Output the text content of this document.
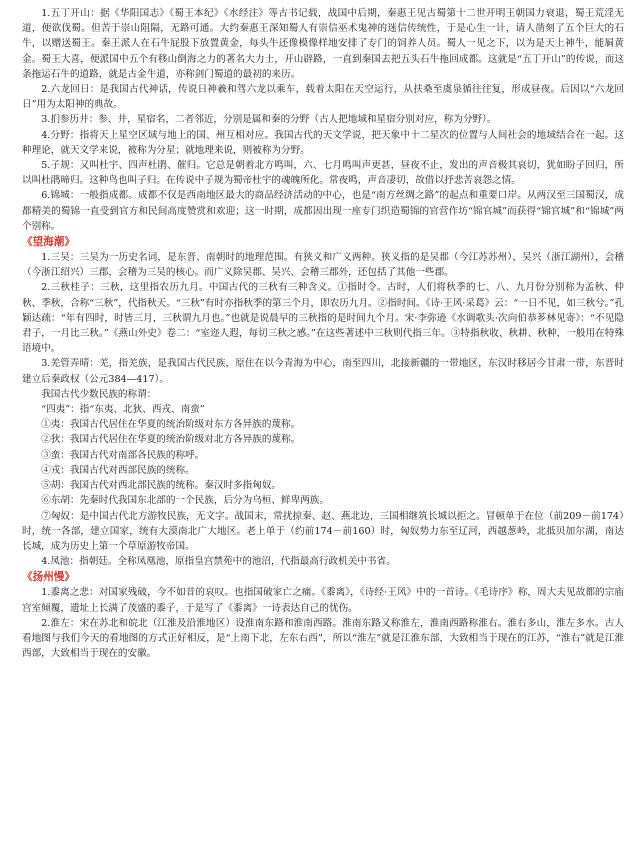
1.五丁开山：据《华阳国志》《蜀王本纪》《水经注》等古书记载，战国中后期，秦惠王见古蜀第十二世开明王朝国力衰退，蜀王荒淫无道，便欲伐蜀。但苦于崇山阻隔，无路可通。大约秦惠王深知蜀人有崇信巫术鬼神的迷信传统性，于是心生一计，请人凿刻了五个巨大的石牛，以赠送蜀王。秦王派人在石牛屁股下放置黄金，每头牛还像模像样地安排了专门的饲养人员。蜀人一见之下，以为是天上神牛，能屙黄金。蜀王大喜，便派国中五个有移山倒海之力的著名大力士，开山辟路，一直到秦国去把五头石牛拖回成都。这就是“五丁开山”的传说，而这条拖运石牛的道路，就是古金牛道，亦称剑门蜀道的最初的来历。

2.六龙回日：是我国古代神话，传说日神羲和驾六龙以乘车，载着太阳在天空运行，从扶桑至虞泉循往往复，形成昼夜。后因以“六龙回日”用为太阳神的典故。

3.扪参历井：参、井，星宿名，二者邻近，分别是属和秦的分野（古人把地域和星宿分别对应，称为分野）。

4.分野：指将天上星空区域与地上的国、州互相对应。我国古代的天文学说，把天象中十二星次的位置与人间社会的地域结合在一起。这种理论，就天文学来说，被称为分星；就地理来说，则被称为分野。

5.子规：又叫杜宇、四声杜鹃、催归。它总是朝着北方鸣叫，六、七月鸣叫声更甚，昼夜不止，发出的声音极其哀切，犹如盼子回归，所以叫杜鹃啼归。这种鸟也叫子归。在传说中子规为蜀帝杜宇的魂魄所化。常夜鸣，声音凄切，故借以抒悲苦哀怨之情。

6.锦城：一般指成都。成都不仅是西南地区最大的商品经济活动的中心，也是“南方丝绸之路”的起点和重要口岸。从两汉至三国蜀汉，成都精美的蜀锦一直受到官方和民间高度赞赏和欢迎；这一时期，成都因出现一座专门织造蜀锦的官营作坊“锦官城”而获得“锦官城”和“锦城”两个别称。

《望海潮》

1.三吴：三吴为一历史名词，是东晋、南朝时的地理范围。有狭义和广义两种。狭义指的是吴郡（今江苏苏州）、吴兴（浙江湖州），会稽（今浙江绍兴）三郡，会稽为三吴的核心。而广义除吴郡、吴兴、会稽三郡外，还包括了其他一些郡。

2.三秋桂子：三秋，这里指农历九月。中国古代的三秋有三种含义。①指时令。古时，人们将秋季的七、八、九月份分别称为孟秋、仲秋、季秋，合称“三秋”，代指秋天。“三秋”有时亦指秋季的第三个月，即农历九月。②指时间。《诗·王风·采葛》云：“一日不见，如三秋兮。”孔颖达疏：“年有四时，时皆三月，三秋谓九月也。”也就是说晨早的三秋指的是时间九个月。宋·李弥逊《水调歌头·次向伯恭芗林见寄》：“不见隐君子，一月比三秋。”《燕山外史》卷二：“室迩人遐，每切三秋之感。”在这些著述中三秋则代指三年。③特指秋收、秋耕、秋种，一般用在特殊语境中。

3.羌管弄晴：羌，指羌族，是我国古代民族，原住在以今青海为中心，南至四川，北接新疆的一带地区，东汉时移居今甘肃一带，东晋时建立后秦政权（公元384—417）。

我国古代少数民族的称谓：

“四夷”：指“东夷、北狄、西戎、南蛮”

①夷：我国古代居住在华夏的统治阶级对东方各异族的蔑称。

②狄：我国古代居住在华夏的统治阶级对北方各异族的蔑称。

③蛮：我国古代对南部各民族的称呼。

④戎：我国古代对西部民族的统称。

⑤胡：我国古代对西北部民族的统称。秦汉时多指匈奴。

⑥东胡：先秦时代我国东北部的一个民族，后分为乌桓、鲜卑两族。

⑦匈奴：是中国古代北方游牧民族，无文字。战国末，常扰掠秦、赵、燕北边，三国相继筑长城以拒之。冒顿单于在位（前209－前174）时，统一各部，建立国家，统有大漠南北广大地区。老上单于（约前174－前160）时，匈奴势力东至辽河，西越葱岭，北抵贝加尔湖，南达长城，成为历史上第一个草原游牧帝国。

4.凤池：指朝廷。全称凤凰池，原指皇宫禁苑中的池沼，代指最高行政机关中书省。

《扬州慢》

1.黍离之悲：对国家残破，今不如昔的哀叹。也指国破家亡之痛。《黍离》，《诗经·王风》中的一首诗。《毛诗序》称，周大夫见故都的宗庙宫室倾覆，遗址上长满了茂盛的黍子，于是写了《黍离》一诗表达自己的忧伤。

2.淮左：宋在苏北和皖北（江淮及沿淮地区）设淮南东路和淮南西路。淮南东路又称淮左，淮南西路称淮右。淮右多山，淮左多水。古人看地图与我们今天的看地图的方式正好相反，是“上南下北，左东右西”，所以“淮左”就是江淮东部，大致相当于现在的江苏，“淮右”就是江淮西部，大致相当于现在的安徽。
